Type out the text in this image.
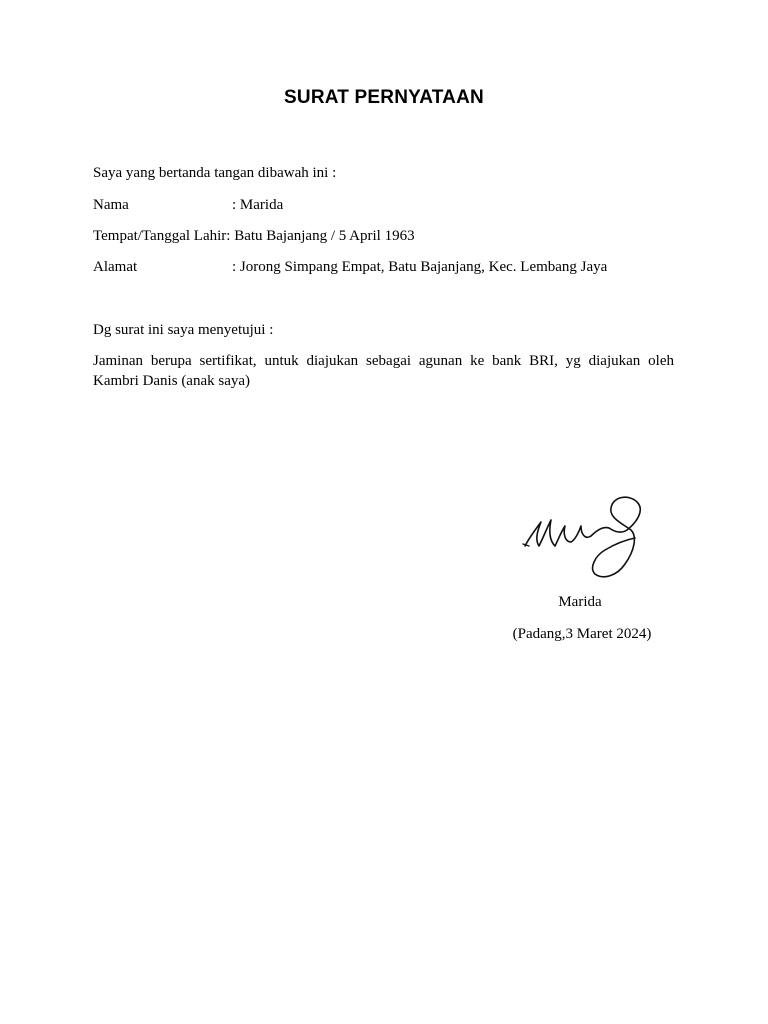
SURAT PERNYATAAN
Saya yang bertanda tangan dibawah ini :
Nama	: Marida
Tempat/Tanggal Lahir: Batu Bajanjang / 5 April 1963
Alamat	: Jorong Simpang Empat, Batu Bajanjang, Kec. Lembang Jaya
Dg surat ini saya menyetujui :
Jaminan berupa sertifikat, untuk diajukan sebagai agunan ke bank BRI, yg diajukan oleh Kambri Danis (anak saya)
Marida
(Padang,3 Maret 2024)
